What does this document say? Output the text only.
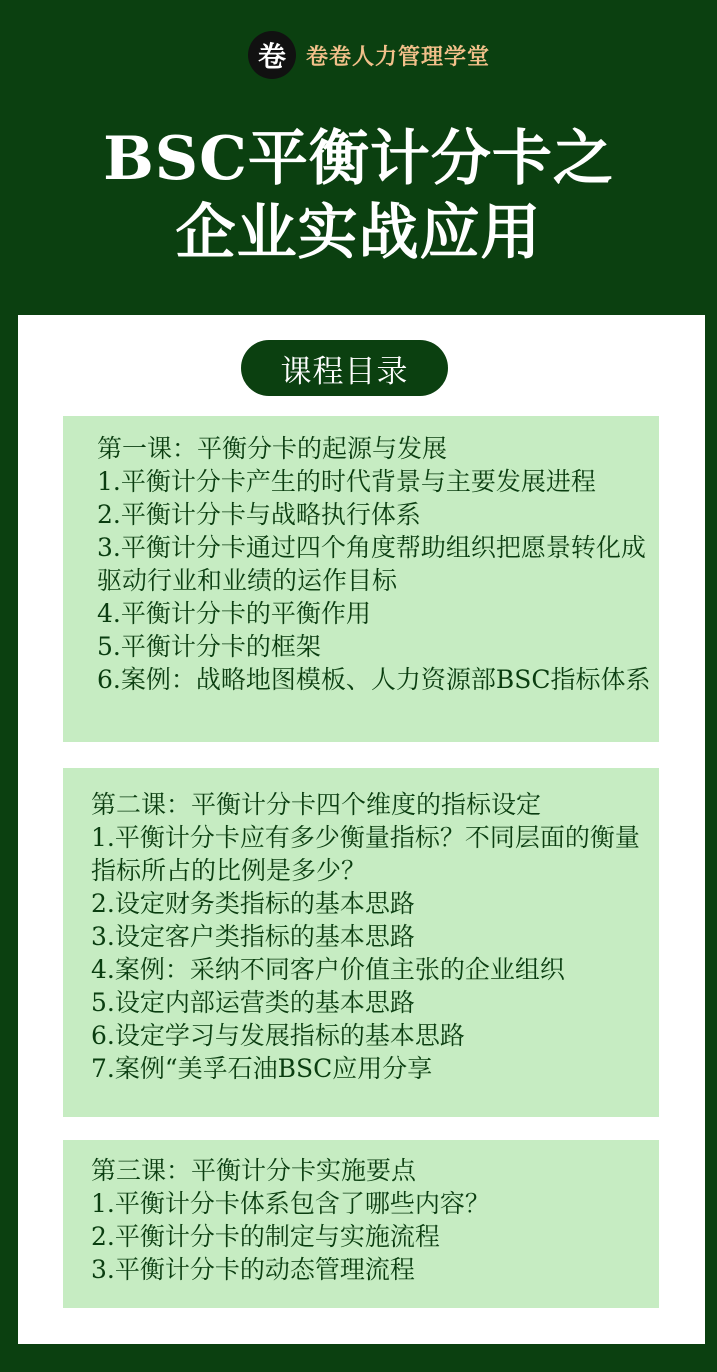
卷 卷卷人力管理学堂
BSC平衡计分卡之
企业实战应用
课程目录
第一课：平衡分卡的起源与发展
1.平衡计分卡产生的时代背景与主要发展进程
2.平衡计分卡与战略执行体系
3.平衡计分卡通过四个角度帮助组织把愿景转化成驱动行业和业绩的运作目标
4.平衡计分卡的平衡作用
5.平衡计分卡的框架
6.案例：战略地图模板、人力资源部BSC指标体系
第二课：平衡计分卡四个维度的指标设定
1.平衡计分卡应有多少衡量指标？不同层面的衡量指标所占的比例是多少？
2.设定财务类指标的基本思路
3.设定客户类指标的基本思路
4.案例：采纳不同客户价值主张的企业组织
5.设定内部运营类的基本思路
6.设定学习与发展指标的基本思路
7.案例“美孚石油BSC应用分享
第三课：平衡计分卡实施要点
1.平衡计分卡体系包含了哪些内容？
2.平衡计分卡的制定与实施流程
3.平衡计分卡的动态管理流程
